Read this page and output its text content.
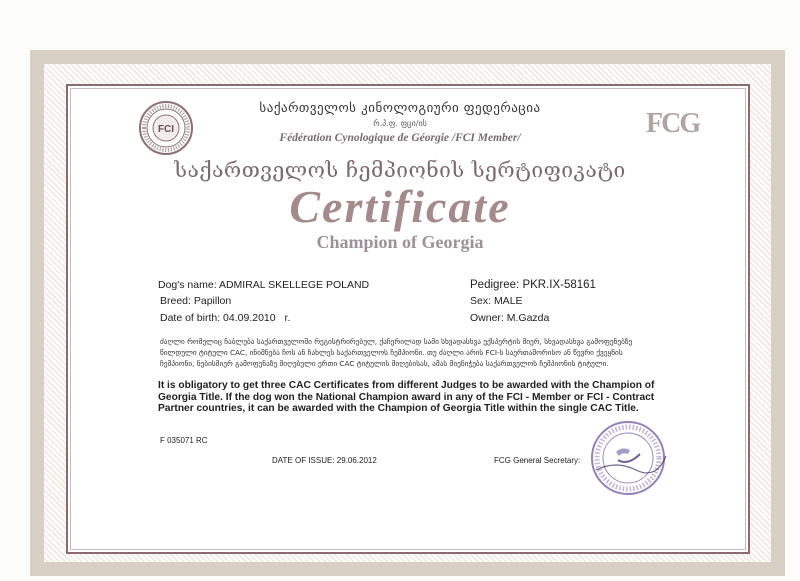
FCI
საქართველოს კინოლოგიური ფედერაცია
რ.პ.ფ. ფცი/ის
Fédération Cynologique de Géorgie /FCI Member/	FCG
საქართველოს ჩემპიონის სერტიფიკატი
Certificate
Champion of Georgia
Dog's name: ADMIRAL SKELLEGE POLAND	Pedigree: PKR.IX-58161
Breed: Papillon	Sex: MALE
Date of birth: 04.09.2010 r.	Owner: M.Gazda
ძაღლი რომელიც ჩაბლება საქართველოში რეგისტრირებულ, ქაჩერილად სამი სხვადასხვა ექსპერტის მიერ, სხვადასხვა გამოფენებზე წილდული ტიტული CAC, ინიშნება ჩოს ან ჩახლეს საქართველოს ჩემპიონი. თუ ძაღლი არის FCI-ს საერთაშორისო ან წევრი ქვეყნის ჩემპიონი, ნებისმიერ გამოფენაზე მიღებული ერთი CAC ტიტულის მიღებისას, ამას მიენიჭება საქართველოს ჩემპიონის ტიტული.
It is obligatory to get three CAC Certificates from different Judges to be awarded with the Champion of Georgia Title. If the dog won the National Champion award in any of the FCI - Member or FCI - Contract Partner countries, it can be awarded with the Champion of Georgia Title within the single CAC Title.
F 035071 RC
DATE OF ISSUE: 29.06.2012	FCG General Secretary:
